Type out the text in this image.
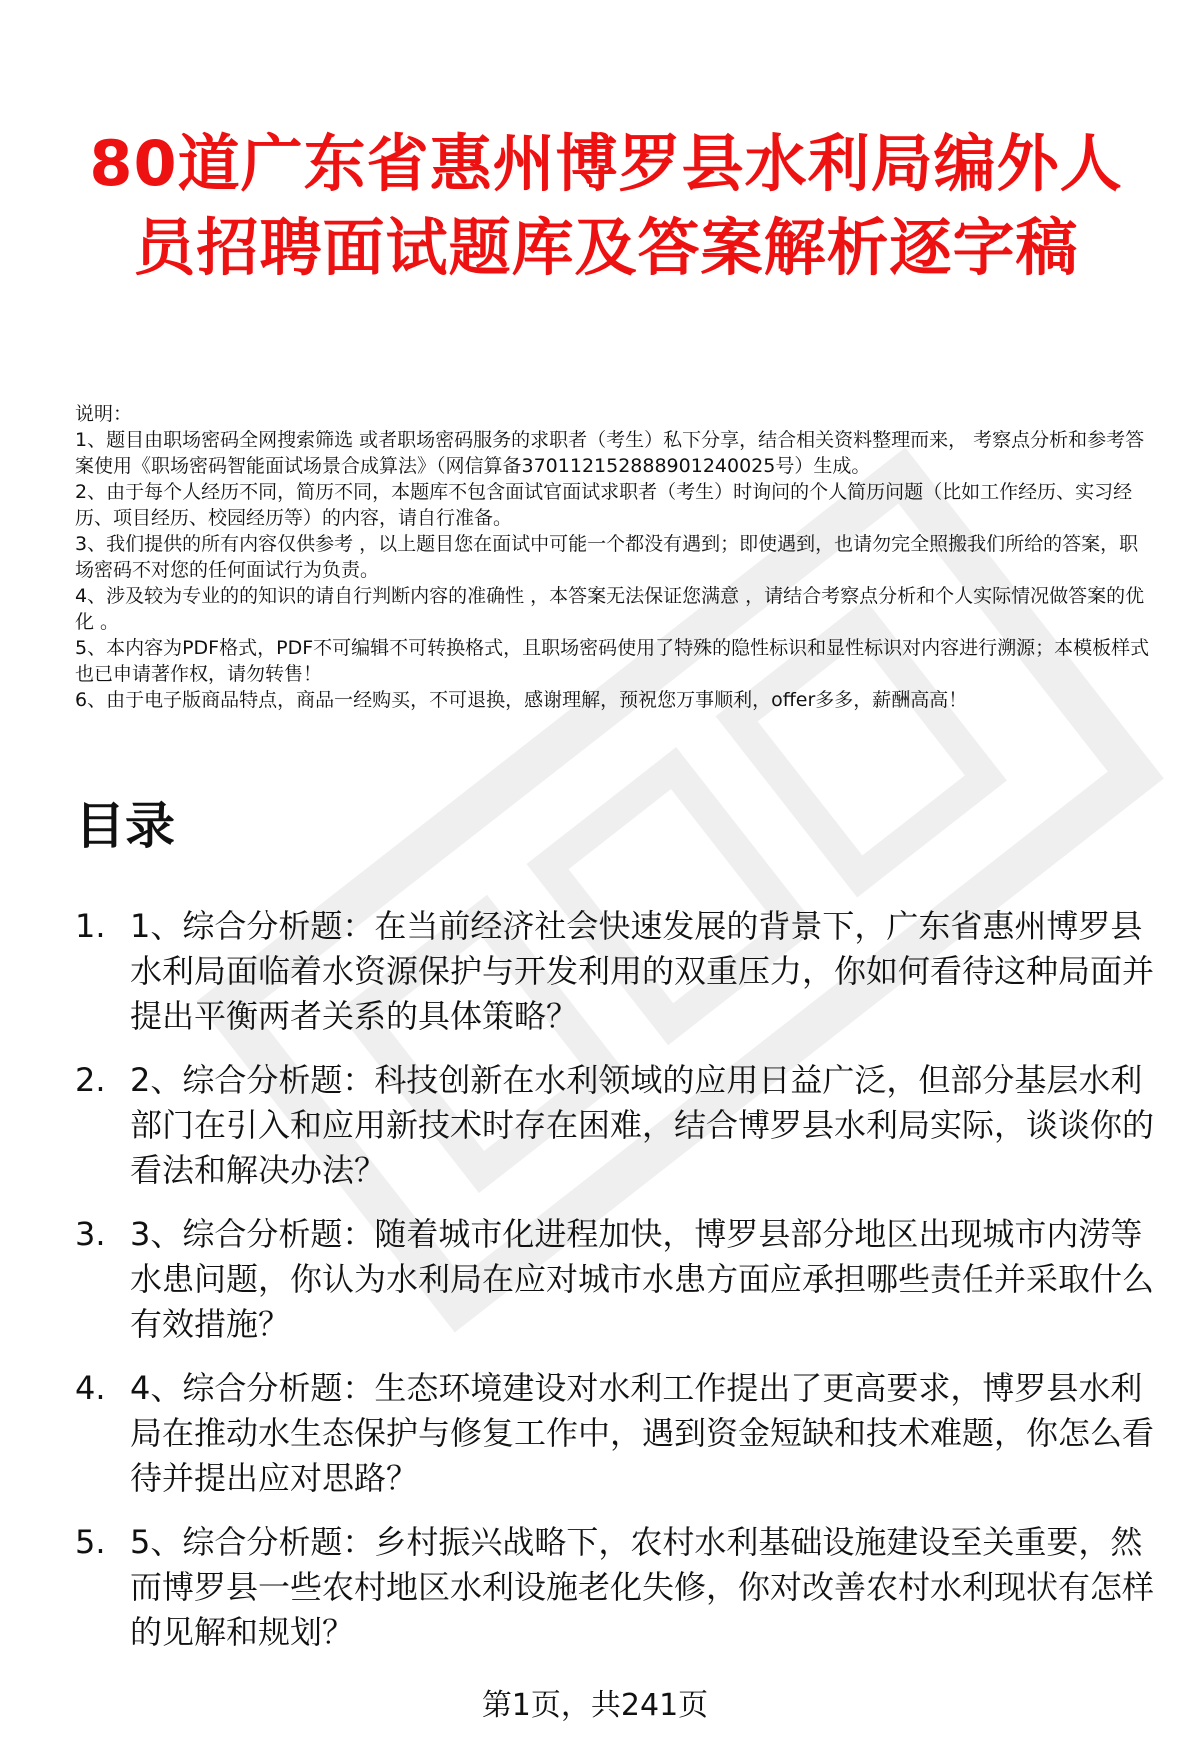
80道广东省惠州博罗县水利局编外人员招聘面试题库及答案解析逐字稿

说明：

1、题目由职场密码全网搜索筛选 或者职场密码服务的求职者（考生）私下分享，结合相关资料整理而来， 考察点分析和参考答案使用《职场密码智能面试场景合成算法》（网信算备370112152888901240025号）生成。

2、由于每个人经历不同，简历不同，本题库不包含面试官面试求职者（考生）时询问的个人简历问题（比如工作经历、实习经历、项目经历、校园经历等）的内容，请自行准备。

3、我们提供的所有内容仅供参考 ，以上题目您在面试中可能一个都没有遇到；即使遇到，也请勿完全照搬我们所给的答案，职场密码不对您的任何面试行为负责。

4、涉及较为专业的的知识的请自行判断内容的准确性 ，本答案无法保证您满意 ，请结合考察点分析和个人实际情况做答案的优化 。

5、本内容为PDF格式，PDF不可编辑不可转换格式，且职场密码使用了特殊的隐性标识和显性标识对内容进行溯源；本模板样式也已申请著作权，请勿转售！

6、由于电子版商品特点，商品一经购买，不可退换，感谢理解，预祝您万事顺利，offer多多，薪酬高高！

目录
1. 1、综合分析题：在当前经济社会快速发展的背景下，广东省惠州博罗县水利局面临着水资源保护与开发利用的双重压力，你如何看待这种局面并提出平衡两者关系的具体策略？
2. 2、综合分析题：科技创新在水利领域的应用日益广泛，但部分基层水利部门在引入和应用新技术时存在困难，结合博罗县水利局实际，谈谈你的看法和解决办法？
3. 3、综合分析题：随着城市化进程加快，博罗县部分地区出现城市内涝等水患问题，你认为水利局在应对城市水患方面应承担哪些责任并采取什么有效措施？
4. 4、综合分析题：生态环境建设对水利工作提出了更高要求，博罗县水利局在推动水生态保护与修复工作中，遇到资金短缺和技术难题，你怎么看待并提出应对思路？
5. 5、综合分析题：乡村振兴战略下，农村水利基础设施建设至关重要，然而博罗县一些农村地区水利设施老化失修，你对改善农村水利现状有怎样的见解和规划？
第1页，共241页
